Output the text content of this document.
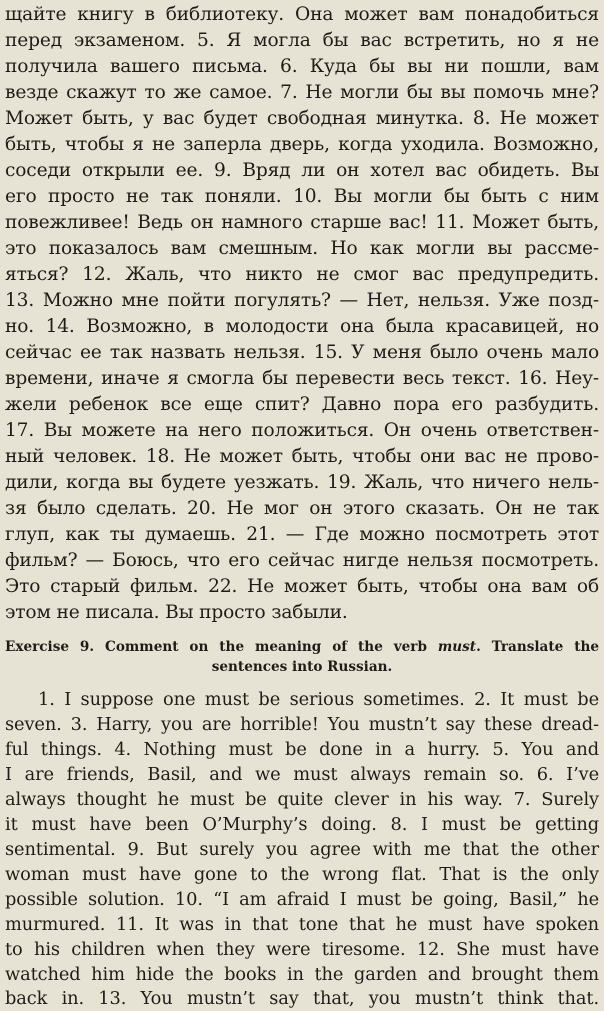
щайте книгу в библиотеку. Она может вам понадобиться
перед экзаменом. 5. Я могла бы вас встретить, но я не
получила вашего письма. 6. Куда бы вы ни пошли, вам
везде скажут то же самое. 7. Не могли бы вы помочь мне?
Может быть, у вас будет свободная минутка. 8. Не может
быть, чтобы я не заперла дверь, когда уходила. Возможно,
соседи открыли ее. 9. Вряд ли он хотел вас обидеть. Вы
его просто не так поняли. 10. Вы могли бы быть с ним
повежливее! Ведь он намного старше вас! 11. Может быть,
это показалось вам смешным. Но как могли вы рассме-
яться? 12. Жаль, что никто не смог вас предупредить.
13. Можно мне пойти погулять? — Нет, нельзя. Уже позд-
но. 14. Возможно, в молодости она была красавицей, но
сейчас ее так назвать нельзя. 15. У меня было очень мало
времени, иначе я смогла бы перевести весь текст. 16. Неу-
жели ребенок все еще спит? Давно пора его разбудить.
17. Вы можете на него положиться. Он очень ответствен-
ный человек. 18. Не может быть, чтобы они вас не прово-
дили, когда вы будете уезжать. 19. Жаль, что ничего нель-
зя было сделать. 20. Не мог он этого сказать. Он не так
глуп, как ты думаешь. 21. — Где можно посмотреть этот
фильм? — Боюсь, что его сейчас нигде нельзя посмотреть.
Это старый фильм. 22. Не может быть, чтобы она вам об
этом не писала. Вы просто забыли.
Exercise 9. Comment on the meaning of the verb must. Translate the
sentences into Russian.
1. I suppose one must be serious sometimes. 2. It must be
seven. 3. Harry, you are horrible! You mustn’t say these dread-
ful things. 4. Nothing must be done in a hurry. 5. You and
I are friends, Basil, and we must always remain so. 6. I’ve
always thought he must be quite clever in his way. 7. Surely
it must have been O’Murphy’s doing. 8. I must be getting
sentimental. 9. But surely you agree with me that the other
woman must have gone to the wrong flat. That is the only
possible solution. 10. “I am afraid I must be going, Basil,” he
murmured. 11. It was in that tone that he must have spoken
to his children when they were tiresome. 12. She must have
watched him hide the books in the garden and brought them
back in. 13. You mustn’t say that, you mustn’t think that.
